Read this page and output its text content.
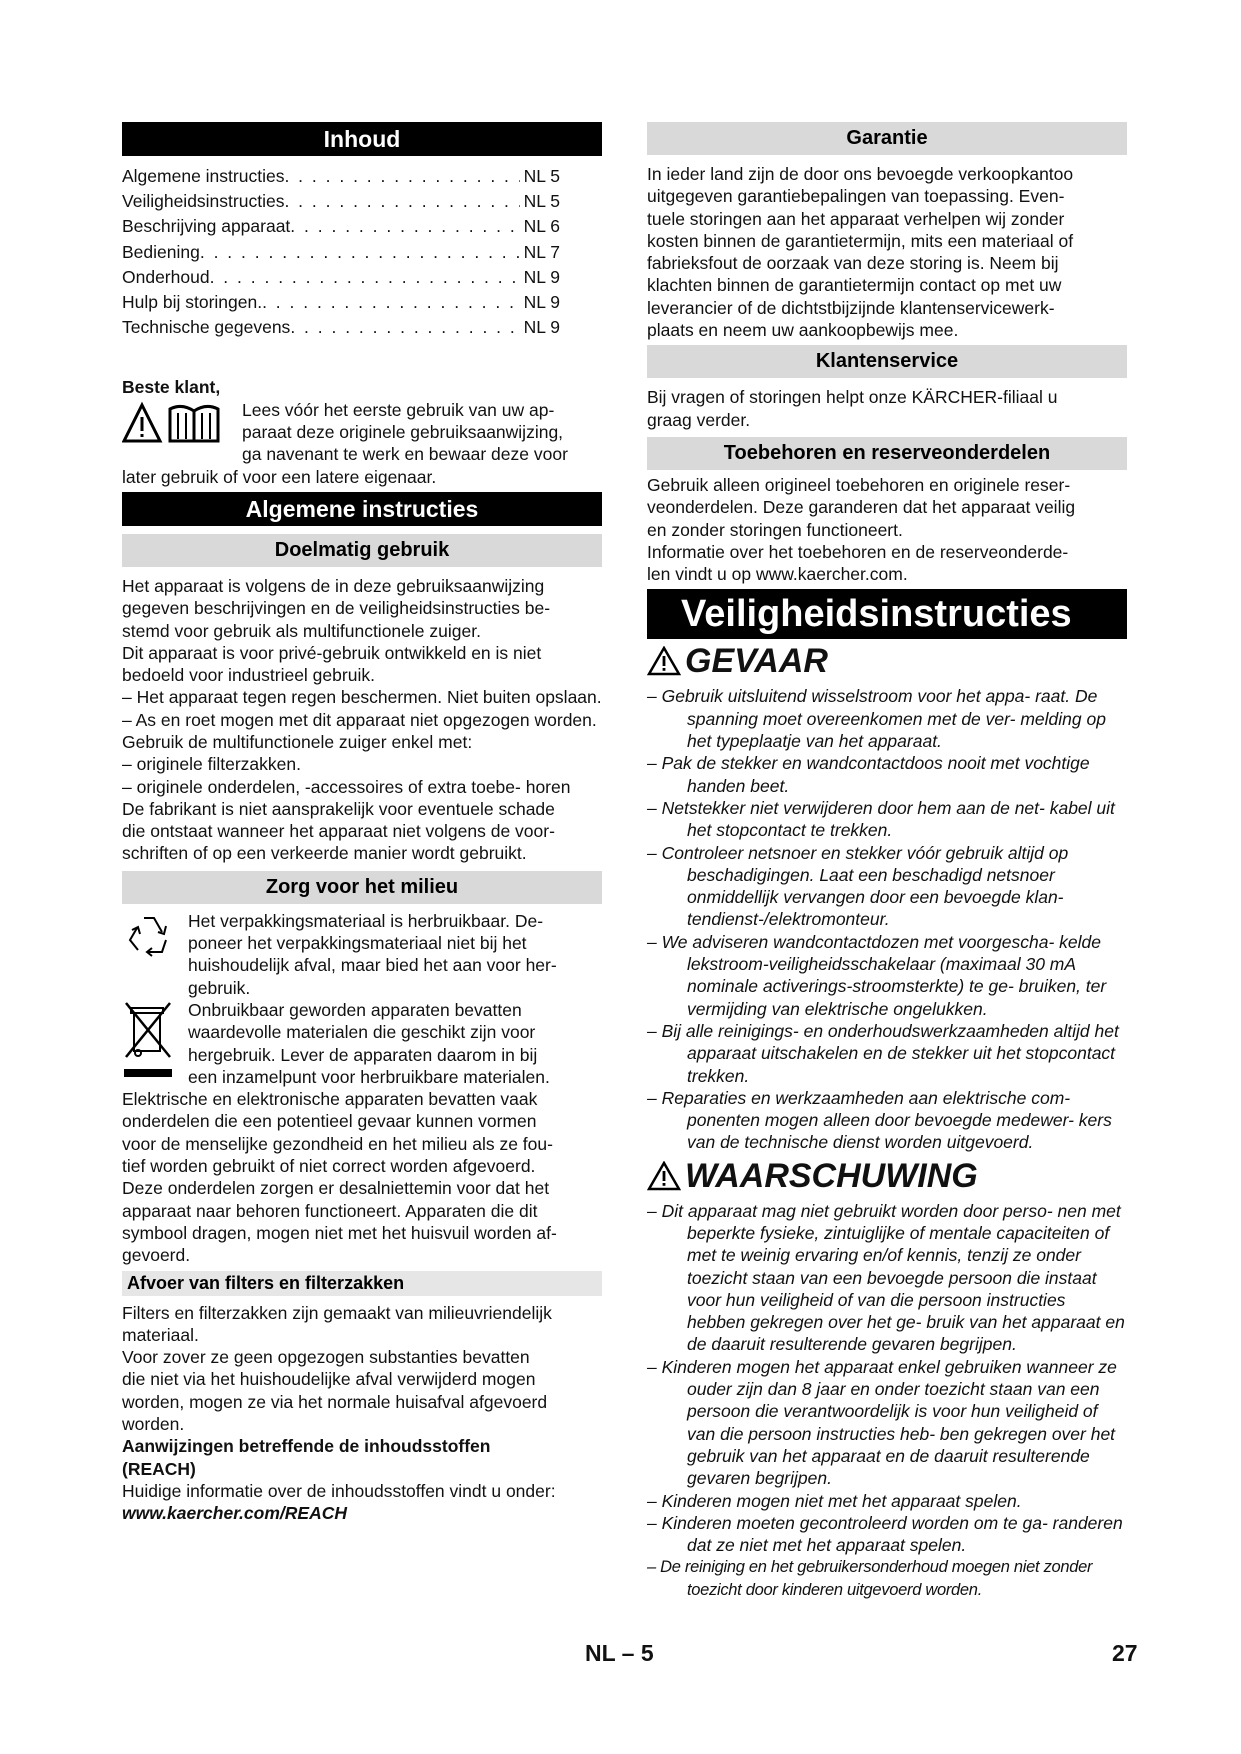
Inhoud
Algemene instructies . . .	NL 5
Veiligheidsinstructies . . .	NL 5
Beschrijving apparaat . . .	NL 6
Bediening . . .	NL 7
Onderhoud . . .	NL 9
Hulp bij storingen. . . .	NL 9
Technische gegevens . . .	NL 9

Beste klant,

Lees vóór het eerste gebruik van uw ap-
paraat deze originele gebruiksaanwijzing,
ga navenant te werk en bewaar deze voor

later gebruik of voor een latere eigenaar.

Algemene instructies
Doelmatig gebruik
Het apparaat is volgens de in deze gebruiksaanwijzing
gegeven beschrijvingen en de veiligheidsinstructies be-
stemd voor gebruik als multifunctionele zuiger.
Dit apparaat is voor privé-gebruik ontwikkeld en is niet
bedoeld voor industrieel gebruik.
– Het apparaat tegen regen beschermen. Niet buiten opslaan.
– As en roet mogen met dit apparaat niet opgezogen worden.
Gebruik de multifunctionele zuiger enkel met:
– originele filterzakken.
– originele onderdelen, -accessoires of extra toebe- horen
De fabrikant is niet aansprakelijk voor eventuele schade
die ontstaat wanneer het apparaat niet volgens de voor-
schriften of op een verkeerde manier wordt gebruikt.
Zorg voor het milieu
Het verpakkingsmateriaal is herbruikbaar. De-
poneer het verpakkingsmateriaal niet bij het
huishoudelijk afval, maar bied het aan voor her-
gebruik.
Onbruikbaar geworden apparaten bevatten
waardevolle materialen die geschikt zijn voor
hergebruik. Lever de apparaten daarom in bij
een inzamelpunt voor herbruikbare materialen.
Elektrische en elektronische apparaten bevatten vaak
onderdelen die een potentieel gevaar kunnen vormen
voor de menselijke gezondheid en het milieu als ze fou-
tief worden gebruikt of niet correct worden afgevoerd.
Deze onderdelen zorgen er desalniettemin voor dat het
apparaat naar behoren functioneert. Apparaten die dit
symbool dragen, mogen niet met het huisvuil worden af-
gevoerd.
Afvoer van filters en filterzakken
Filters en filterzakken zijn gemaakt van milieuvriendelijk
materiaal.
Voor zover ze geen opgezogen substanties bevatten
die niet via het huishoudelijke afval verwijderd mogen
worden, mogen ze via het normale huisafval afgevoerd
worden.
Aanwijzingen betreffende de inhoudsstoffen
(REACH)
Huidige informatie over de inhoudsstoffen vindt u onder:
www.kaercher.com/REACH
Garantie
In ieder land zijn de door ons bevoegde verkoopkantoo
uitgegeven garantiebepalingen van toepassing. Even-
tuele storingen aan het apparaat verhelpen wij zonder
kosten binnen de garantietermijn, mits een materiaal of
fabrieksfout de oorzaak van deze storing is. Neem bij
klachten binnen de garantietermijn contact op met uw
leverancier of de dichtstbijzijnde klantenservicewerk-
plaats en neem uw aankoopbewijs mee.
Klantenservice
Bij vragen of storingen helpt onze KÄRCHER-filiaal u
graag verder.
Toebehoren en reserveonderdelen
Gebruik alleen origineel toebehoren en originele reser-
veonderdelen. Deze garanderen dat het apparaat veilig
en zonder storingen functioneert.
Informatie over het toebehoren en de reserveonderde-
len vindt u op www.kaercher.com.
Veiligheidsinstructies
GEVAAR
– Gebruik uitsluitend wisselstroom voor het appa- raat. De spanning moet overeenkomen met de ver- melding op het typeplaatje van het apparaat.
– Pak de stekker en wandcontactdoos nooit met vochtige handen beet.
– Netstekker niet verwijderen door hem aan de net- kabel uit het stopcontact te trekken.
– Controleer netsnoer en stekker vóór gebruik altijd op beschadigingen. Laat een beschadigd netsnoer onmiddellijk vervangen door een bevoegde klan- tendienst-/elektromonteur.
– We adviseren wandcontactdozen met voorgescha- kelde lekstroom-veiligheidsschakelaar (maximaal 30 mA nominale activerings-stroomsterkte) te ge- bruiken, ter vermijding van elektrische ongelukken.
– Bij alle reinigings- en onderhoudswerkzaamheden altijd het apparaat uitschakelen en de stekker uit het stopcontact trekken.
– Reparaties en werkzaamheden aan elektrische com- ponenten mogen alleen door bevoegde medewer- kers van de technische dienst worden uitgevoerd.
WAARSCHUWING
– Dit apparaat mag niet gebruikt worden door perso- nen met beperkte fysieke, zintuiglijke of mentale capaciteiten of met te weinig ervaring en/of kennis, tenzij ze onder toezicht staan van een bevoegde persoon die instaat voor hun veiligheid of van die persoon instructies hebben gekregen over het ge- bruik van het apparaat en de daaruit resulterende gevaren begrijpen.
– Kinderen mogen het apparaat enkel gebruiken wanneer ze ouder zijn dan 8 jaar en onder toezicht staan van een persoon die verantwoordelijk is voor hun veiligheid of van die persoon instructies heb- ben gekregen over het gebruik van het apparaat en de daaruit resulterende gevaren begrijpen.
– Kinderen mogen niet met het apparaat spelen.
– Kinderen moeten gecontroleerd worden om te ga- randeren dat ze niet met het apparaat spelen.
– De reiniging en het gebruikersonderhoud moegen niet zonder toezicht door kinderen uitgevoerd worden.
NL – 5	27
